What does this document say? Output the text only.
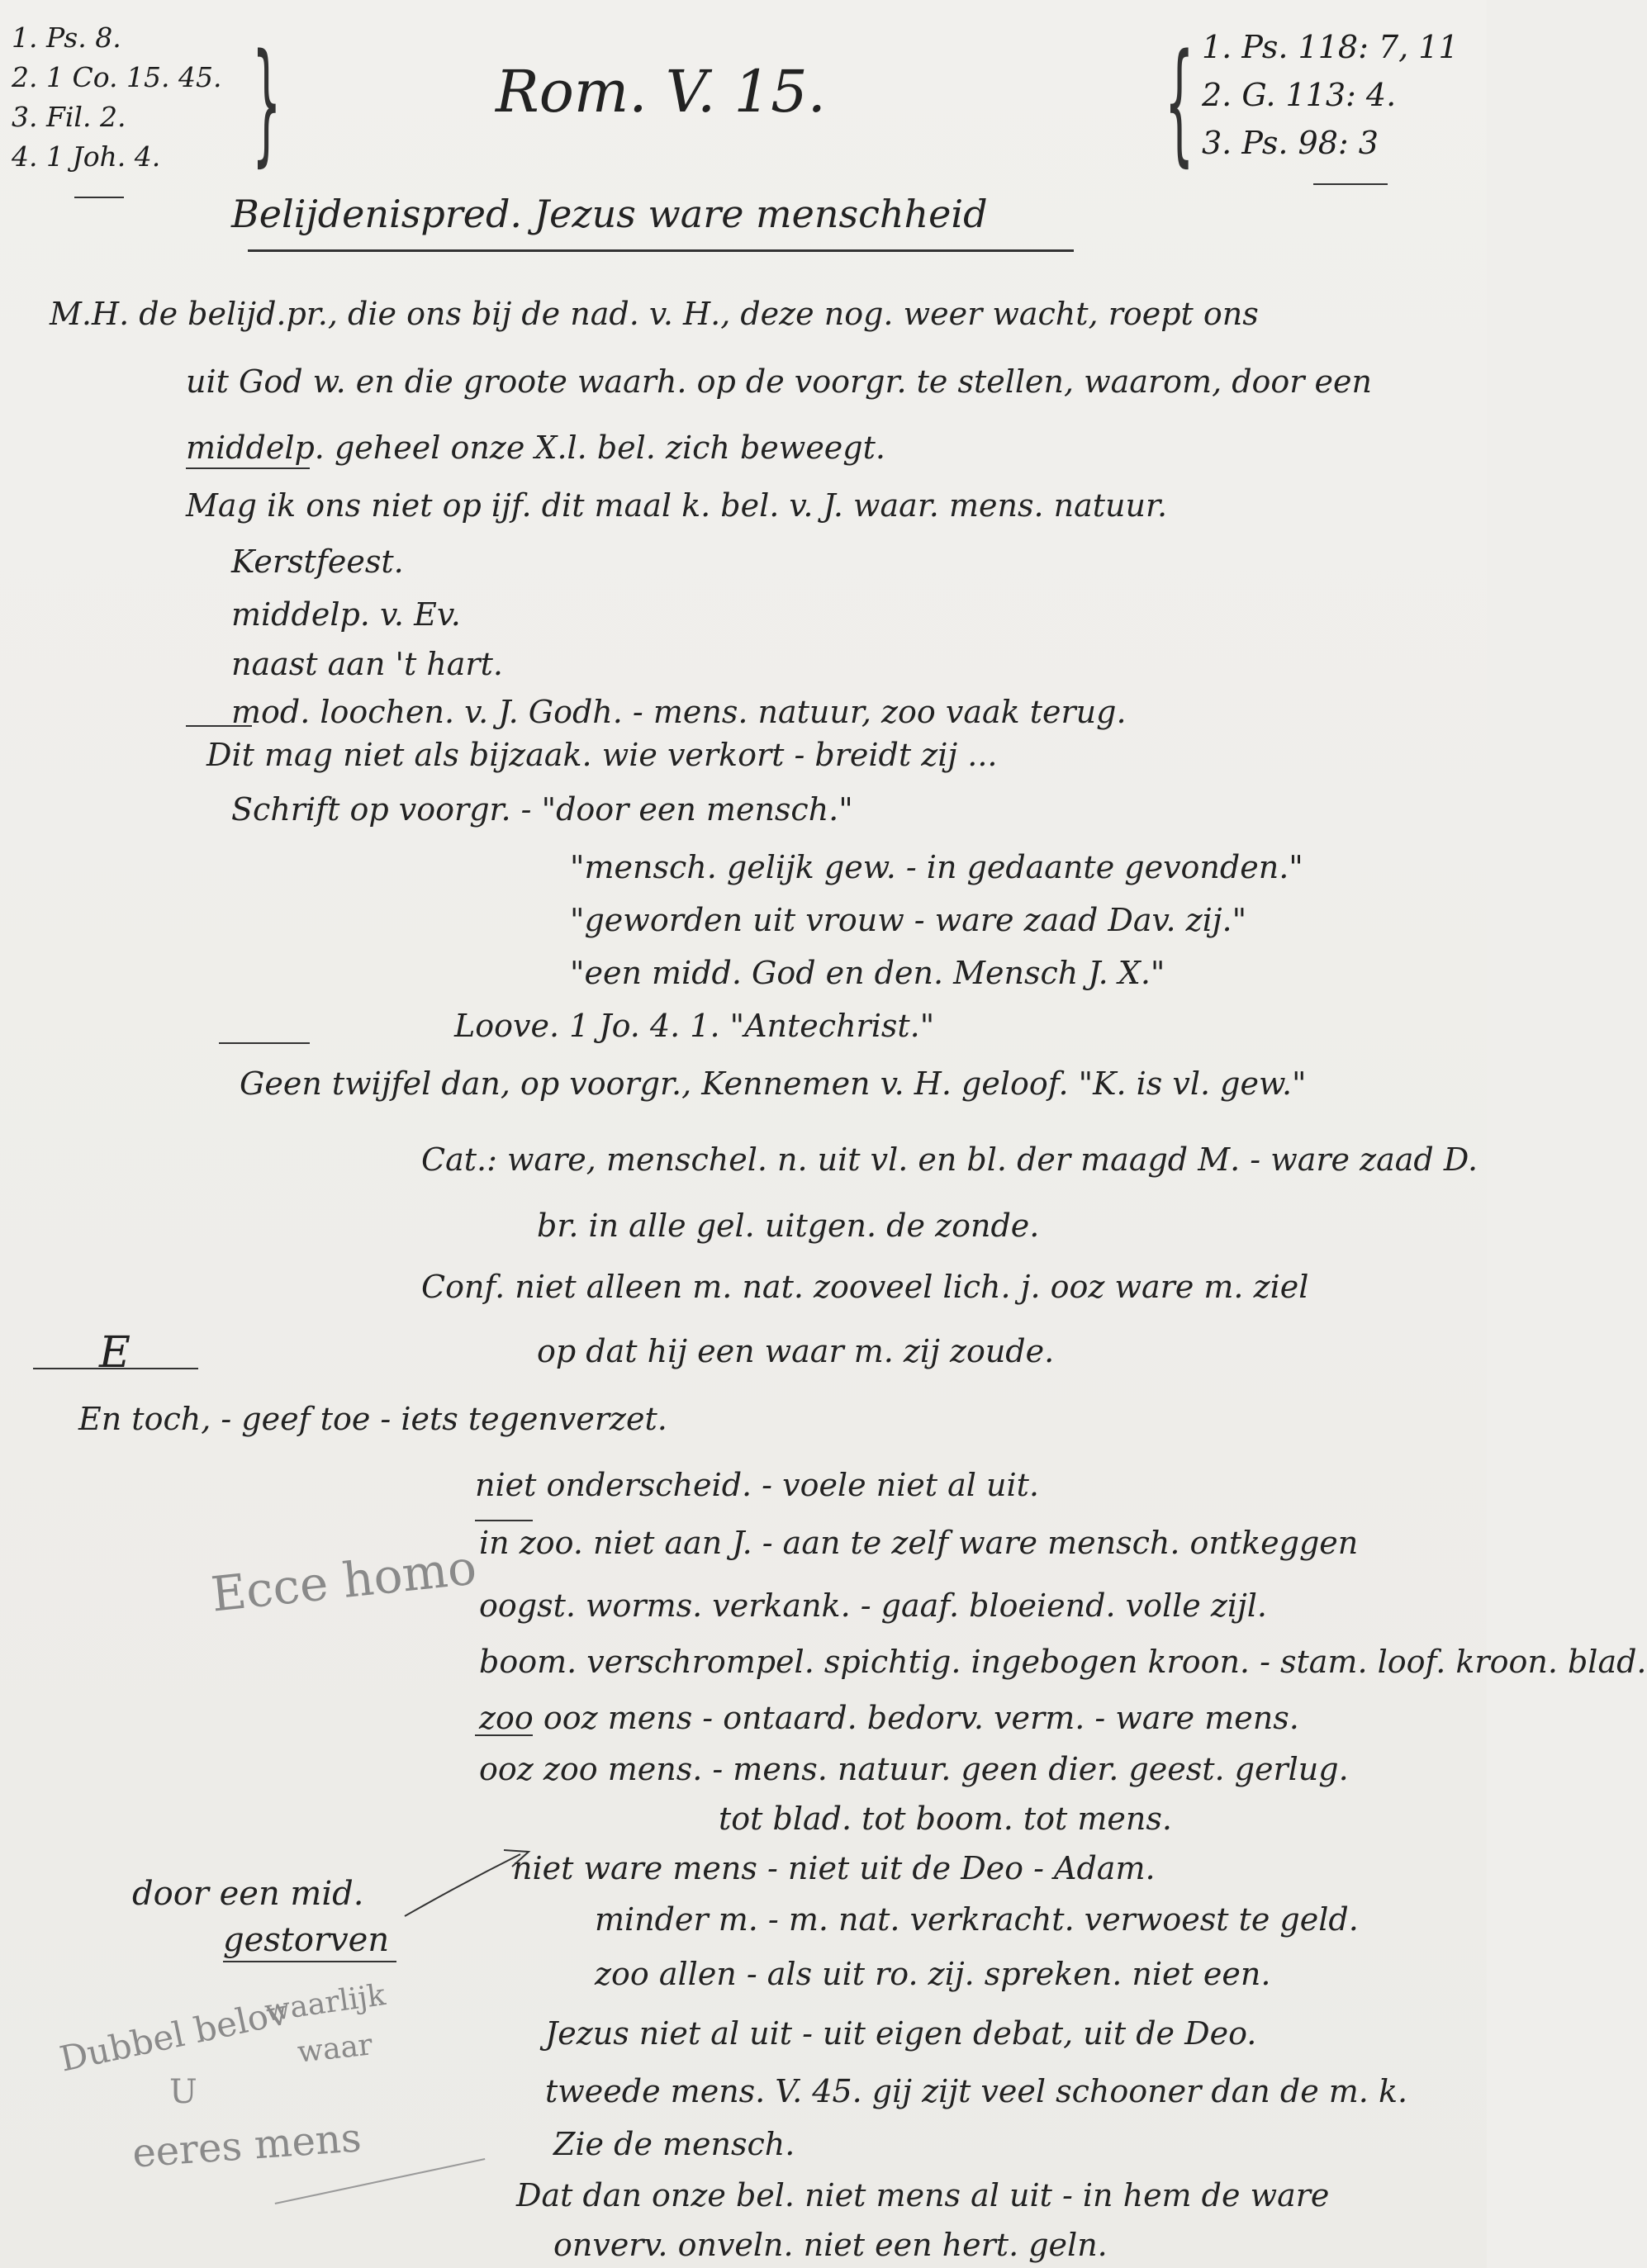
1. Ps. 8.
2. 1 Co. 15. 45.
3. Fil. 2.
4. 1 Joh. 4. }	{ 1. Ps. 118: 7, 11
2. G. 113: 4.
3. Ps. 98: 3
Rom. V. 15.
Belijdenispred. Jezus ware menschheid
M.H. de belijd.pr., die ons bij de nad. v. H., deze nog. weer wacht, roept ons
uit God w. en die groote waarh. op de voorgr. te stellen, waarom, door een
middelp. geheel onze X.l. bel. zich beweegt.
Mag ik ons niet op ijf. dit maal k. bel. v. J. waar. mens. natuur.
Kerstfeest.
middelp. v. Ev.
naast aan 't hart.
mod. loochen. v. J. Godh. - mens. natuur, zoo vaak terug.
Dit mag niet als bijzaak. wie verkort - breidt zij ...
Schrift op voorgr. - "door een mensch."
"mensch. gelijk gew. - in gedaante gevonden."
"geworden uit vrouw - ware zaad Dav. zij."
"een midd. God en den. Mensch J. X."
Loove. 1 Jo. 4. 1. "Antechrist."
Geen twijfel dan, op voorgr., Kennemen v. H. geloof. "K. is vl. gew."
Cat.: ware, menschel. n. uit vl. en bl. der maagd M. - ware zaad D.
br. in alle gel. uitgen. de zonde.
Conf. niet alleen m. nat. zooveel lich. j. ooz ware m. ziel
op dat hij een waar m. zij zoude.
E
En toch, - geef toe - iets tegenverzet.
niet onderscheid. - voele niet al uit.
in zoo. niet aan J. - aan te zelf ware mensch. ontkeggen
oogst. worms. verkank. - gaaf. bloeiend. volle zijl.
boom. verschrompel. spichtig. ingebogen kroon. - stam. loof. kroon. blad.
zoo ooz mens - ontaard. bedorv. verm. - ware mens.
ooz zoo mens. - mens. natuur. geen dier. geest. gerlug.
tot blad. tot boom. tot mens.
niet ware mens - niet uit de Deo - Adam.
minder m. - m. nat. verkracht. verwoest te geld.
zoo allen - als uit ro. zij. spreken. niet een.
Jezus niet al uit - uit eigen debat, uit de Deo.
tweede mens. V. 45. gij zijt veel schooner dan de m. k.
Zie de mensch.
Dat dan onze bel. niet mens al uit - in hem de ware
onverv. onveln. niet een hert. geln.
Ecce homo
door een mid.
gestorven
Dubbel belov
waarlijk
waar
U
eeres mens
